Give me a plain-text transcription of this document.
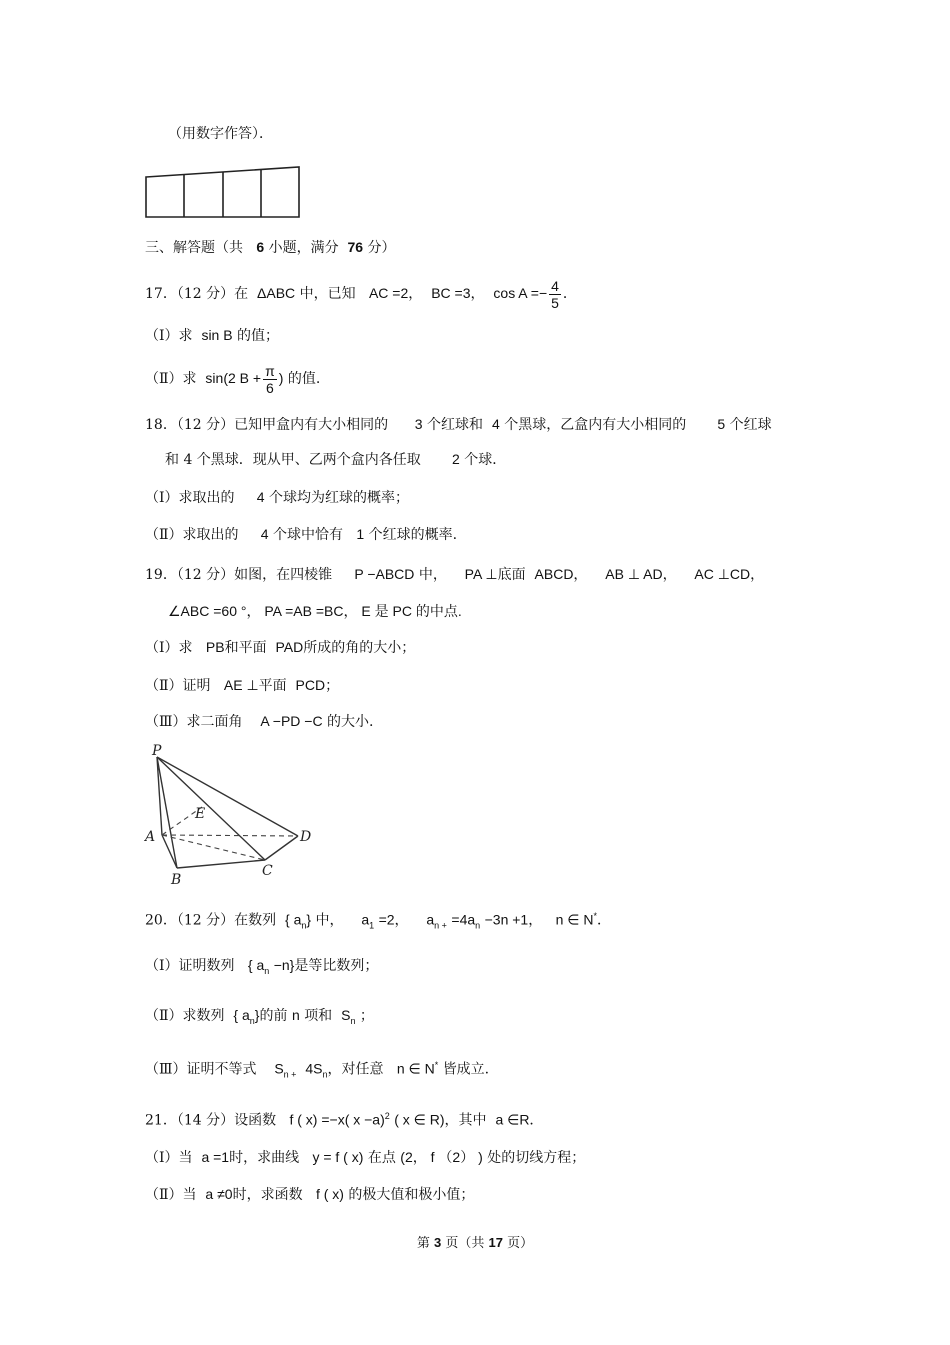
（用数字作答）．
三、解答题（共 6 小题，满分 76 分）
17．（12 分）在 ΔABC 中，已知 AC =2， BC =3， $\cos A =- \frac{4}{5}$ ．
（Ⅰ）求 sin B 的值；
（Ⅱ）求 sin(2 $B + \frac{\pi}{6}$ ) 的值.
18．（12 分）已知甲盒内有大小相同的 3 个红球和 4 个黑球，乙盒内有大小相同的 5 个红球
和 4 个黑球．现从甲、乙两个盒内各任取 2 个球．
（Ⅰ）求取出的 4 个球均为红球的概率；
（Ⅱ）求取出的 4 个球中恰有 1 个红球的概率.
19．（12 分）如图，在四棱锥 P −ABCD 中， PA ⊥底面 ABCD， AB ⊥ AD， AC ⊥CD，
∠ABC =60 °， PA =AB =BC， E 是 PC 的中点.
（Ⅰ）求 PB和平面 PAD所成的角的大小；
（Ⅱ）证明 AE ⊥平面 PCD；
（Ⅲ）求二面角 A −PD −C 的大小.
P
E
A	D
B
C
20．（12 分）在数列 { $a_n$} 中， $a_1 =2$， $a_{n +} =4a_n -3n +1$， n ∈ N*．
（Ⅰ）证明数列 { $a_n -n$}是等比数列；
（Ⅱ）求数列 { $a_n$}的前 n 项和 $S_n$ ；
（Ⅲ）证明不等式 $S_{n +}$ $4S_n$，对任意 n ∈ N* 皆成立.
21．（14 分）设函数 f ( x) =−x( x −a)$^2$ ( x ∈ R)，其中 a ∈R．
（Ⅰ）当 a =1时，求曲线 y = f ( x) 在点 (2， f （2） ) 处的切线方程；
（Ⅱ）当 a ≠0时，求函数 f ( x) 的极大值和极小值；
第 3 页（共 17 页）
